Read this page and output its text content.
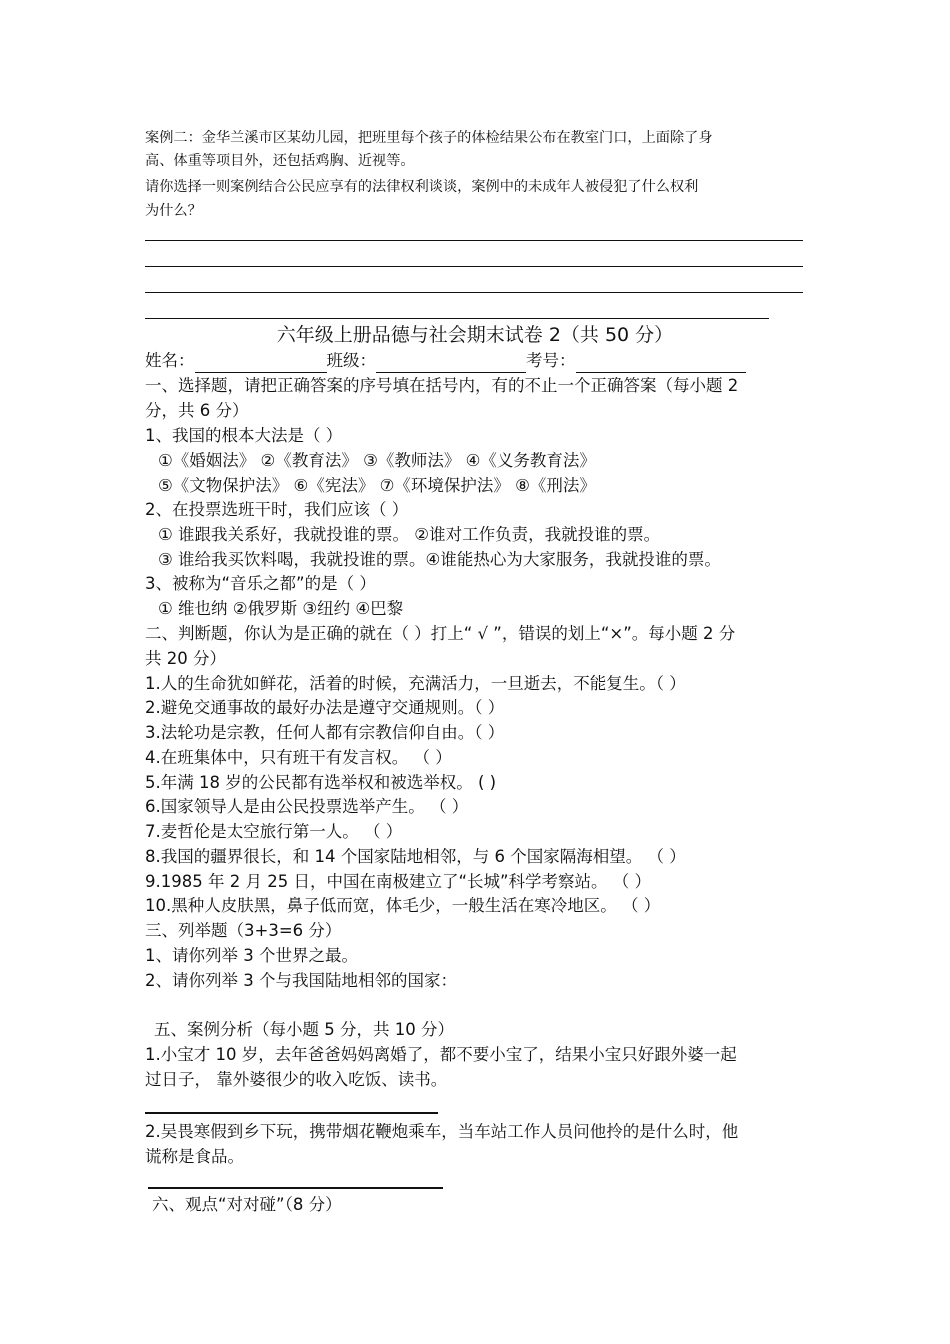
案例二：金华兰溪市区某幼儿园，把班里每个孩子的体检结果公布在教室门口，上面除了身
高、体重等项目外，还包括鸡胸、近视等。
请你选择一则案例结合公民应享有的法律权利谈谈，案例中的未成年人被侵犯了什么权利
为什么？
六年级上册品德与社会期末试卷 2（共 50 分）
姓名：	班级：	考号：
一、选择题，请把正确答案的序号填在括号内，有的不止一个正确答案（每小题 2
分，共 6 分）
1、我国的根本大法是（ ）
①《婚姻法》 ②《教育法》 ③《教师法》 ④《义务教育法》
⑤《文物保护法》 ⑥《宪法》 ⑦《环境保护法》 ⑧《刑法》
2、在投票选班干时，我们应该（ ）
① 谁跟我关系好，我就投谁的票。 ②谁对工作负责，我就投谁的票。
③ 谁给我买饮料喝，我就投谁的票。④谁能热心为大家服务，我就投谁的票。
3、被称为“音乐之都”的是（ ）
① 维也纳 ②俄罗斯 ③纽约 ④巴黎
二、判断题，你认为是正确的就在（ ）打上“ √ ”，错误的划上“×”。每小题 2 分
共 20 分）
1.人的生命犹如鲜花，活着的时候，充满活力，一旦逝去，不能复生。（ ）
2.避免交通事故的最好办法是遵守交通规则。（ ）
3.法轮功是宗教，任何人都有宗教信仰自由。（ ）
4.在班集体中，只有班干有发言权。 （ ）
5.年满 18 岁的公民都有选举权和被选举权。 ( )
6.国家领导人是由公民投票选举产生。 （ ）
7.麦哲伦是太空旅行第一人。 （ ）
8.我国的疆界很长，和 14 个国家陆地相邻，与 6 个国家隔海相望。 （ ）
9.1985 年 2 月 25 日，中国在南极建立了“长城”科学考察站。 （ ）
10.黑种人皮肤黑，鼻子低而宽，体毛少，一般生活在寒冷地区。 （ ）
三、列举题（3+3=6 分）
1、请你列举 3 个世界之最。
2、请你列举 3 个与我国陆地相邻的国家：
五、案例分析（每小题 5 分，共 10 分）
1.小宝才 10 岁，去年爸爸妈妈离婚了，都不要小宝了，结果小宝只好跟外婆一起
过日子， 靠外婆很少的收入吃饭、读书。
2.吴畏寒假到乡下玩，携带烟花鞭炮乘车，当车站工作人员问他拎的是什么时，他
谎称是食品。
六、观点“对对碰”（8 分）
